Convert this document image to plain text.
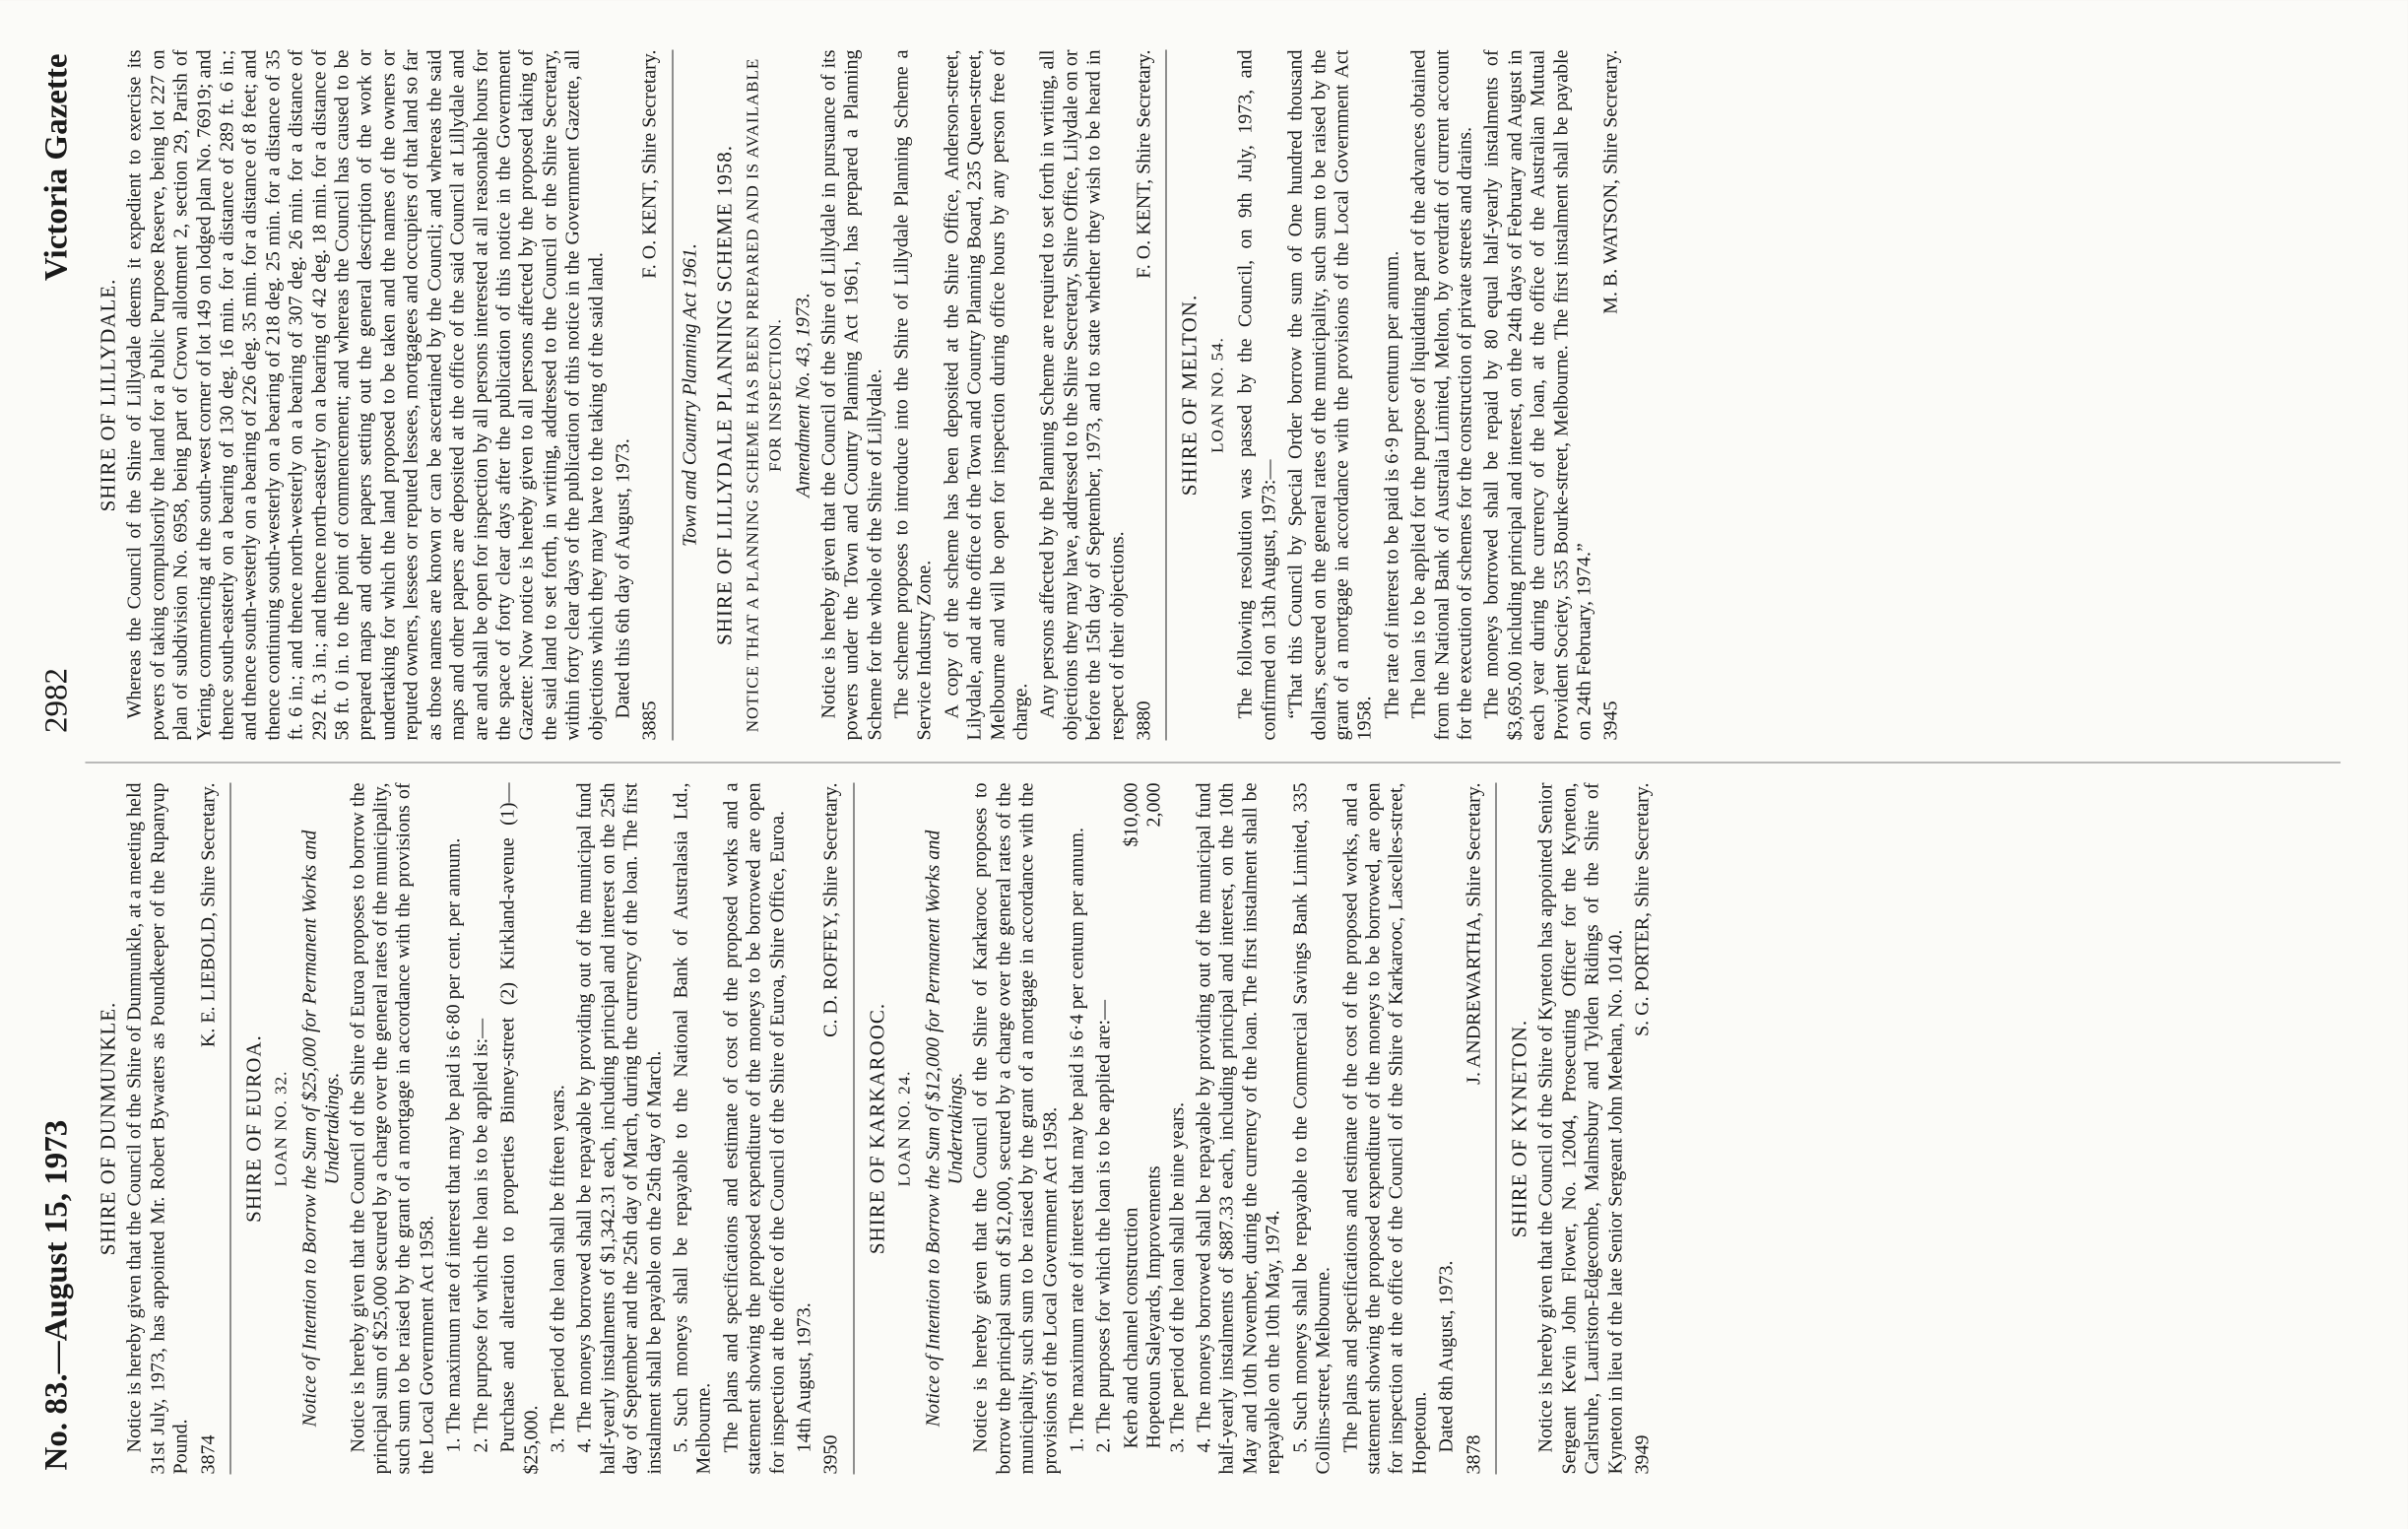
No. 83.—August 15, 1973
2982
Victoria Gazette
SHIRE OF DUNMUNKLE. Notice is hereby given that the Council of the Shire of Dunmunkle, at a meeting held 31st July, 1973, has appointed Mr. Robert Bywaters as Poundkeeper of the Rupanyup Pound. 3874
K. E. LIEBOLD, Shire Secretary.
SHIRE OF EUROA. LOAN NO. 32. Notice of Intention to Borrow the Sum of $25,000 for Permanent Works and Undertakings. Notice is hereby given that the Council of the Shire of Euroa proposes to borrow the principal sum of $25,000 secured by a charge over the general rates of the municipality, such sum to be raised by the grant of a mortgage in accordance with the provisions of the Local Government Act 1958. 1. The maximum rate of interest that may be paid is 6·80 per cent. per annum. 2. The purpose for which the loan is to be applied is:— Purchase and alteration to properties Binney-street (2) Kirkland-avenue (1)—$25,000. 3. The period of the loan shall be fifteen years. 4. The moneys borrowed shall be repayable by providing out of the municipal fund half-yearly instalments of $1,342.31 each, including principal and interest on the 25th day of September and the 25th day of March, during the currency of the loan. The first instalment shall be payable on the 25th day of March. 5. Such moneys shall be repayable to the National Bank of Australasia Ltd., Melbourne. The plans and specifications and estimate of cost of the proposed works and a statement showing the proposed expenditure of the moneys to be borrowed are open for inspection at the office of the Council of the Shire of Euroa, Shire Office, Euroa. 14th August, 1973.

3950
C. D. ROFFEY, Shire Secretary.
SHIRE OF KARKAROOC. LOAN NO. 24. Notice of Intention to Borrow the Sum of $12,000 for Permanent Works and Undertakings. Notice is hereby given that the Council of the Shire of Karkarooc proposes to borrow the principal sum of $12,000, secured by a charge over the general rates of the municipality, such sum to be raised by the grant of a mortgage in accordance with the provisions of the Local Government Act 1958. 1. The maximum rate of interest that may be paid is 6·4 per centum per annum. 2. The purposes for which the loan is to be applied are:— Kerb and channel construction
$10,000
Hopetoun Saleyards, Improvements
2,000

3. The period of the loan shall be nine years. 4. The moneys borrowed shall be repayable by providing out of the municipal fund half-yearly instalments of $887.33 each, including principal and interest, on the 10th May and 10th November, during the currency of the loan. The first instalment shall be repayable on the 10th May, 1974. 5. Such moneys shall be repayable to the Commercial Savings Bank Limited, 335 Collins-street, Melbourne. The plans and specifications and estimate of the cost of the proposed works, and a statement showing the proposed expenditure of the moneys to be borrowed, are open for inspection at the office of the Council of the Shire of Karkarooc, Lascelles-street, Hopetoun. Dated 8th August, 1973.

3878
J. ANDREWARTHA, Shire Secretary.
SHIRE OF KYNETON. Notice is hereby given that the Council of the Shire of Kyneton has appointed Senior Sergeant Kevin John Flower, No. 12004, Prosecuting Officer for the Kyneton, Carlsruhe, Lauriston-Edgecombe, Malmsbury and Tylden Ridings of the Shire of Kyneton in lieu of the late Senior Sergeant John Meehan, No. 10140. 3949
S. G. PORTER, Shire Secretary.
SHIRE OF LILLYDALE. Whereas the Council of the Shire of Lillydale deems it expedient to exercise its powers of taking compulsorily the land for a Public Purpose Reserve, being lot 227 on plan of subdivision No. 6958, being part of Crown allotment 2, section 29, Parish of Yering, commencing at the south-west corner of lot 149 on lodged plan No. 76919; and thence south-easterly on a bearing of 130 deg. 16 min. for a distance of 289 ft. 6 in.; and thence south-westerly on a bearing of 226 deg. 35 min. for a distance of 8 feet; and thence continuing south-westerly on a bearing of 218 deg. 25 min. for a distance of 35 ft. 6 in.; and thence north-westerly on a bearing of 307 deg. 26 min. for a distance of 292 ft. 3 in.; and thence north-easterly on a bearing of 42 deg. 18 min. for a distance of 58 ft. 0 in. to the point of commencement; and whereas the Council has caused to be prepared maps and other papers setting out the general description of the work or undertaking for which the land proposed to be taken and the names of the owners or reputed owners, lessees or reputed lessees, mortgagees and occupiers of that land so far as those names are known or can be ascertained by the Council; and whereas the said maps and other papers are deposited at the office of the said Council at Lillydale and are and shall be open for inspection by all persons interested at all reasonable hours for the space of forty clear days after the publication of this notice in the Government Gazette: Now notice is hereby given to all persons affected by the proposed taking of the said land to set forth, in writing, addressed to the Council or the Shire Secretary, within forty clear days of the publication of this notice in the Government Gazette, all objections which they may have to the taking of the said land. Dated this 6th day of August, 1973.

3885
F. O. KENT, Shire Secretary.
Town and Country Planning Act 1961. SHIRE OF LILLYDALE PLANNING SCHEME 1958. NOTICE THAT A PLANNING SCHEME HAS BEEN PREPARED AND IS AVAILABLE FOR INSPECTION. Amendment No. 43, 1973. Notice is hereby given that the Council of the Shire of Lillydale in pursuance of its powers under the Town and Country Planning Act 1961, has prepared a Planning Scheme for the whole of the Shire of Lillydale. The scheme proposes to introduce into the Shire of Lillydale Planning Scheme a Service Industry Zone. A copy of the scheme has been deposited at the Shire Office, Anderson-street, Lilydale, and at the office of the Town and Country Planning Board, 235 Queen-street, Melbourne and will be open for inspection during office hours by any person free of charge. Any persons affected by the Planning Scheme are required to set forth in writing, all objections they may have, addressed to the Shire Secretary, Shire Office, Lilydale on or before the 15th day of September, 1973, and to state whether they wish to be heard in respect of their objections. 3880
F. O. KENT, Shire Secretary.
SHIRE OF MELTON. LOAN NO. 54. The following resolution was passed by the Council, on 9th July, 1973, and confirmed on 13th August, 1973:— “That this Council by Special Order borrow the sum of One hundred thousand dollars, secured on the general rates of the municipality, such sum to be raised by the grant of a mortgage in accordance with the provisions of the Local Government Act 1958. The rate of interest to be paid is 6·9 per centum per annum. The loan is to be applied for the purpose of liquidating part of the advances obtained from the National Bank of Australia Limited, Melton, by overdraft of current account for the execution of schemes for the construction of private streets and drains. The moneys borrowed shall be repaid by 80 equal half-yearly instalments of $3,695.00 including principal and interest, on the 24th days of February and August in each year during the currency of the loan, at the office of the Australian Mutual Provident Society, 535 Bourke-street, Melbourne. The first instalment shall be payable on 24th February, 1974.” 3945
M. B. WATSON, Shire Secretary.
